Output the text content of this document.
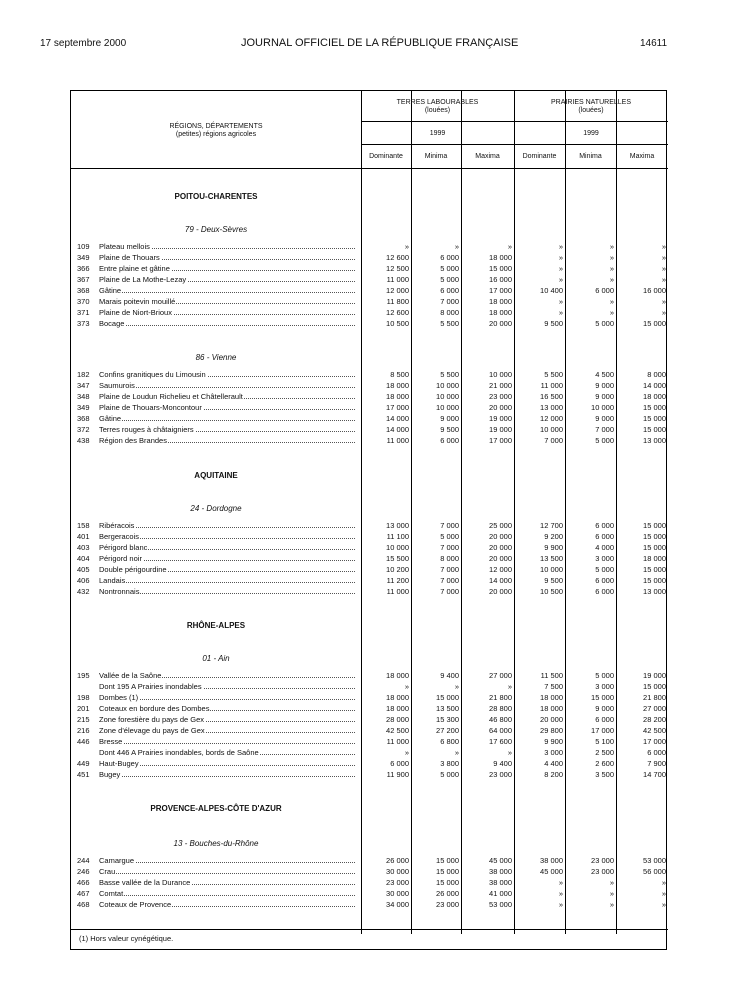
17 septembre 2000	JOURNAL OFFICIEL DE LA RÉPUBLIQUE FRANÇAISE	14611
RÉGIONS, DÉPARTEMENTS
(petites) régions agricoles
TERRES LABOURABLES
(louées)
PRAIRIES NATURELLES
(louées)
1999	1999
Dominante	Minima	Maxima	Dominante	Minima	Maxima
POITOU-CHARENTES
79 - Deux-Sèvres
86 - Vienne
AQUITAINE
24 - Dordogne
RHÔNE-ALPES
01 - Ain
PROVENCE-ALPES-CÔTE D'AZUR
13 - Bouches-du-Rhône
109	Plateau mellois	»	»	»	»	»	»
349	Plaine de Thouars	12 600	6 000	18 000	»	»	»
366	Entre plaine et gâtine	12 500	5 000	15 000	»	»	»
367	Plaine de La Mothe-Lezay	11 000	5 000	16 000	»	»	»
368	Gâtine	12 000	6 000	17 000	10 400	6 000	16 000
370	Marais poitevin mouillé	11 800	7 000	18 000	»	»	»
371	Plaine de Niort-Brioux	12 600	8 000	18 000	»	»	»
373	Bocage	10 500	5 500	20 000	9 500	5 000	15 000
182	Confins granitiques du Limousin	8 500	5 500	10 000	5 500	4 500	8 000
347	Saumurois	18 000	10 000	21 000	11 000	9 000	14 000
348	Plaine de Loudun Richelieu et Châtellerault	18 000	10 000	23 000	16 500	9 000	18 000
349	Plaine de Thouars-Moncontour	17 000	10 000	20 000	13 000	10 000	15 000
368	Gâtine	14 000	9 000	19 000	12 000	9 000	15 000
372	Terres rouges à châtaigniers	14 000	9 500	19 000	10 000	7 000	15 000
438	Région des Brandes	11 000	6 000	17 000	7 000	5 000	13 000
158	Ribéracois	13 000	7 000	25 000	12 700	6 000	15 000
401	Bergeracois	11 100	5 000	20 000	9 200	6 000	15 000
403	Périgord blanc	10 000	7 000	20 000	9 900	4 000	15 000
404	Périgord noir	15 500	8 000	20 000	13 500	3 000	18 000
405	Double périgourdine	10 200	7 000	12 000	10 000	5 000	15 000
406	Landais	11 200	7 000	14 000	9 500	6 000	15 000
432	Nontronnais	11 000	7 000	20 000	10 500	6 000	13 000
195	Vallée de la Saône	18 000	9 400	27 000	11 500	5 000	19 000
Dont 195 A Prairies inondables	»	»	»	7 500	3 000	15 000
198	Dombes (1)	18 000	15 000	21 800	18 000	15 000	21 800
201	Coteaux en bordure des Dombes	18 000	13 500	28 800	18 000	9 000	27 000
215	Zone forestière du pays de Gex	28 000	15 300	46 800	20 000	6 000	28 200
216	Zone d'élevage du pays de Gex	42 500	27 200	64 000	29 800	17 000	42 500
446	Bresse	11 000	6 800	17 600	9 900	5 100	17 000
Dont 446 A Prairies inondables, bords de Saône	»	»	»	3 000	2 500	6 000
449	Haut-Bugey	6 000	3 800	9 400	4 400	2 600	7 900
451	Bugey	11 900	5 000	23 000	8 200	3 500	14 700
244	Camargue	26 000	15 000	45 000	38 000	23 000	53 000
246	Crau	30 000	15 000	38 000	45 000	23 000	56 000
466	Basse vallée de la Durance	23 000	15 000	38 000	»	»	»
467	Comtat	30 000	26 000	41 000	»	»	»
468	Coteaux de Provence	34 000	23 000	53 000	»	»	»
(1) Hors valeur cynégétique.
